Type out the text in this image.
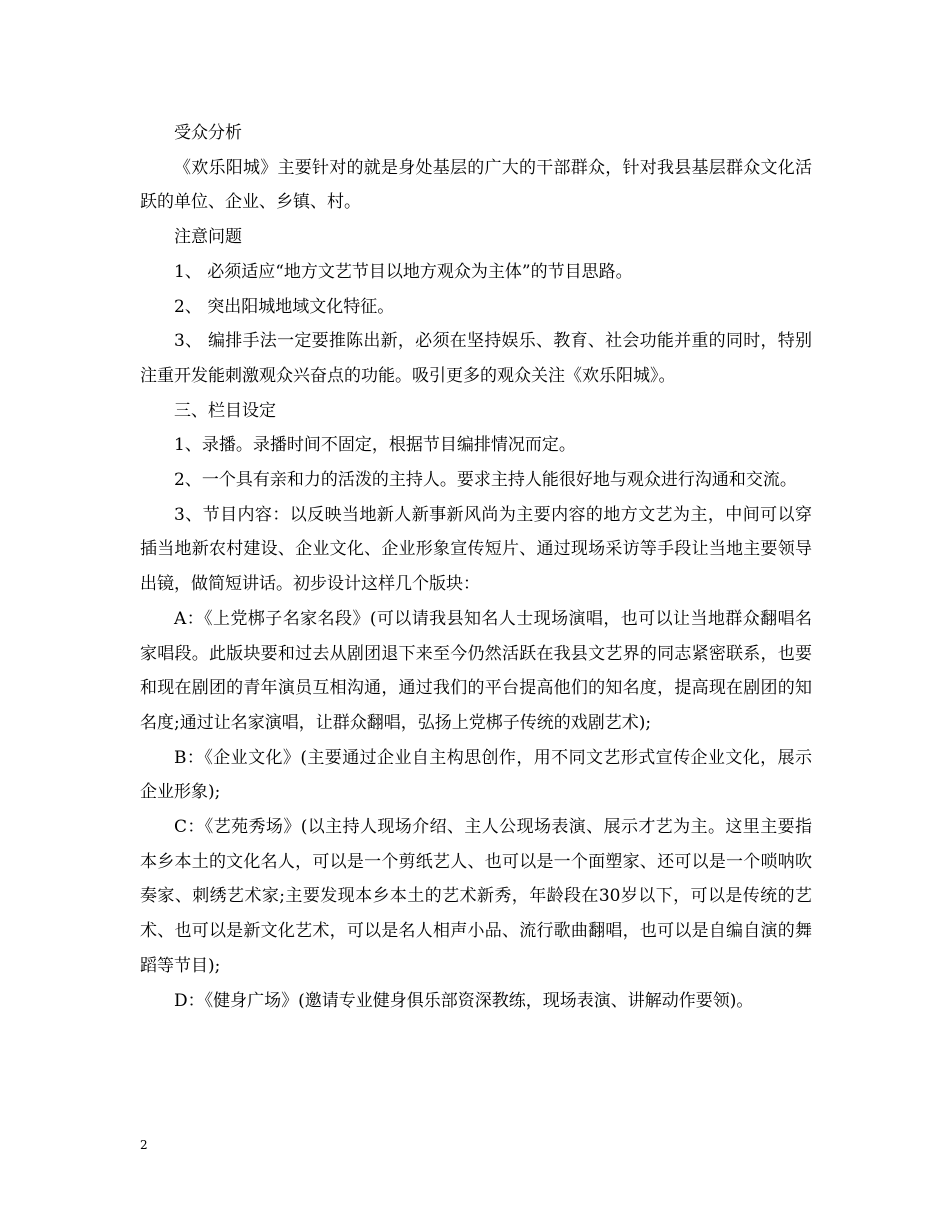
受众分析

《欢乐阳城》主要针对的就是身处基层的广大的干部群众，针对我县基层群众文化活跃的单位、企业、乡镇、村。

注意问题

1、 必须适应“地方文艺节目以地方观众为主体”的节目思路。

2、 突出阳城地域文化特征。

3、 编排手法一定要推陈出新，必须在坚持娱乐、教育、社会功能并重的同时，特别注重开发能刺激观众兴奋点的功能。吸引更多的观众关注《欢乐阳城》。

三、栏目设定

1、录播。录播时间不固定，根据节目编排情况而定。

2、一个具有亲和力的活泼的主持人。要求主持人能很好地与观众进行沟通和交流。

3、节目内容：以反映当地新人新事新风尚为主要内容的地方文艺为主，中间可以穿插当地新农村建设、企业文化、企业形象宣传短片、通过现场采访等手段让当地主要领导出镜，做简短讲话。初步设计这样几个版块：

A：《上党梆子名家名段》(可以请我县知名人士现场演唱，也可以让当地群众翻唱名家唱段。此版块要和过去从剧团退下来至今仍然活跃在我县文艺界的同志紧密联系，也要和现在剧团的青年演员互相沟通，通过我们的平台提高他们的知名度，提高现在剧团的知名度;通过让名家演唱，让群众翻唱，弘扬上党梆子传统的戏剧艺术);

B：《企业文化》(主要通过企业自主构思创作，用不同文艺形式宣传企业文化，展示企业形象);

C：《艺苑秀场》(以主持人现场介绍、主人公现场表演、展示才艺为主。这里主要指本乡本土的文化名人，可以是一个剪纸艺人、也可以是一个面塑家、还可以是一个唢呐吹奏家、刺绣艺术家;主要发现本乡本土的艺术新秀，年龄段在30岁以下，可以是传统的艺术、也可以是新文化艺术，可以是名人相声小品、流行歌曲翻唱，也可以是自编自演的舞蹈等节目);

D：《健身广场》(邀请专业健身俱乐部资深教练，现场表演、讲解动作要领)。

2
